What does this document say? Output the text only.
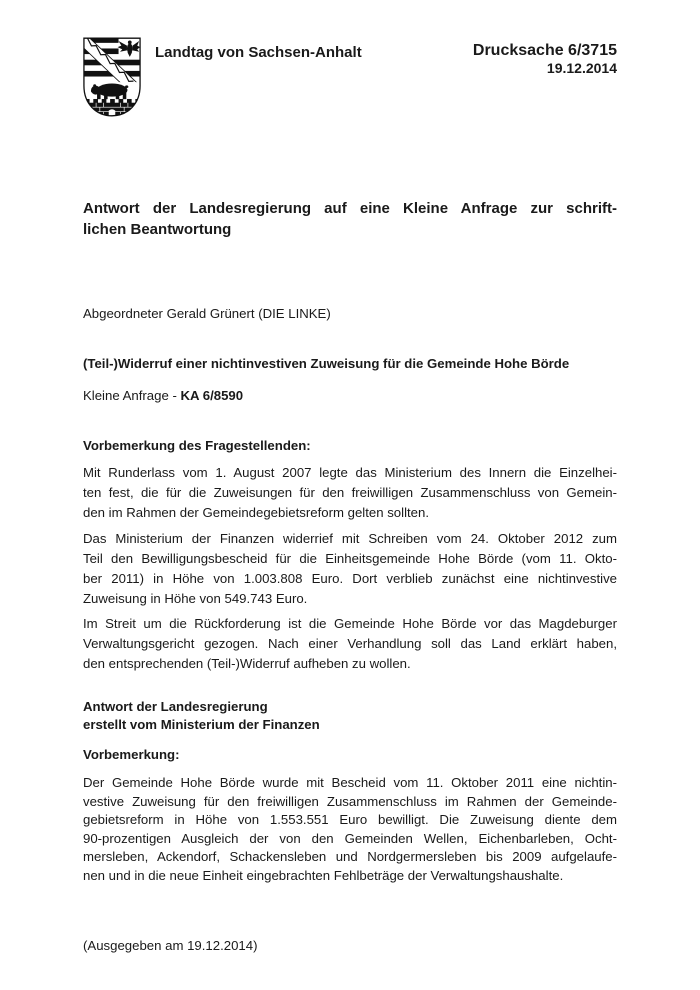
Landtag von Sachsen-Anhalt	Drucksache 6/3715
19.12.2014
Antwort der Landesregierung auf eine Kleine Anfrage zur schrift-
lichen Beantwortung
Abgeordneter Gerald Grünert (DIE LINKE)
(Teil-)Widerruf einer nichtinvestiven Zuweisung für die Gemeinde Hohe Börde
Kleine Anfrage - KA 6/8590
Vorbemerkung des Fragestellenden:
Mit Runderlass vom 1. August 2007 legte das Ministerium des Innern die Einzelhei-
ten fest, die für die Zuweisungen für den freiwilligen Zusammenschluss von Gemein-
den im Rahmen der Gemeindegebietsreform gelten sollten.
Das Ministerium der Finanzen widerrief mit Schreiben vom 24. Oktober 2012 zum
Teil den Bewilligungsbescheid für die Einheitsgemeinde Hohe Börde (vom 11. Okto-
ber 2011) in Höhe von 1.003.808 Euro. Dort verblieb zunächst eine nichtinvestive
Zuweisung in Höhe von 549.743 Euro.
Im Streit um die Rückforderung ist die Gemeinde Hohe Börde vor das Magdeburger
Verwaltungsgericht gezogen. Nach einer Verhandlung soll das Land erklärt haben,
den entsprechenden (Teil-)Widerruf aufheben zu wollen.
Antwort der Landesregierung
erstellt vom Ministerium der Finanzen
Vorbemerkung:
Der Gemeinde Hohe Börde wurde mit Bescheid vom 11. Oktober 2011 eine nichtin-
vestive Zuweisung für den freiwilligen Zusammenschluss im Rahmen der Gemeinde-
gebietsreform in Höhe von 1.553.551 Euro bewilligt. Die Zuweisung diente dem
90-prozentigen Ausgleich der von den Gemeinden Wellen, Eichenbarleben, Ocht-
mersleben, Ackendorf, Schackensleben und Nordgermersleben bis 2009 aufgelaufe-
nen und in die neue Einheit eingebrachten Fehlbeträge der Verwaltungshaushalte.
(Ausgegeben am 19.12.2014)
